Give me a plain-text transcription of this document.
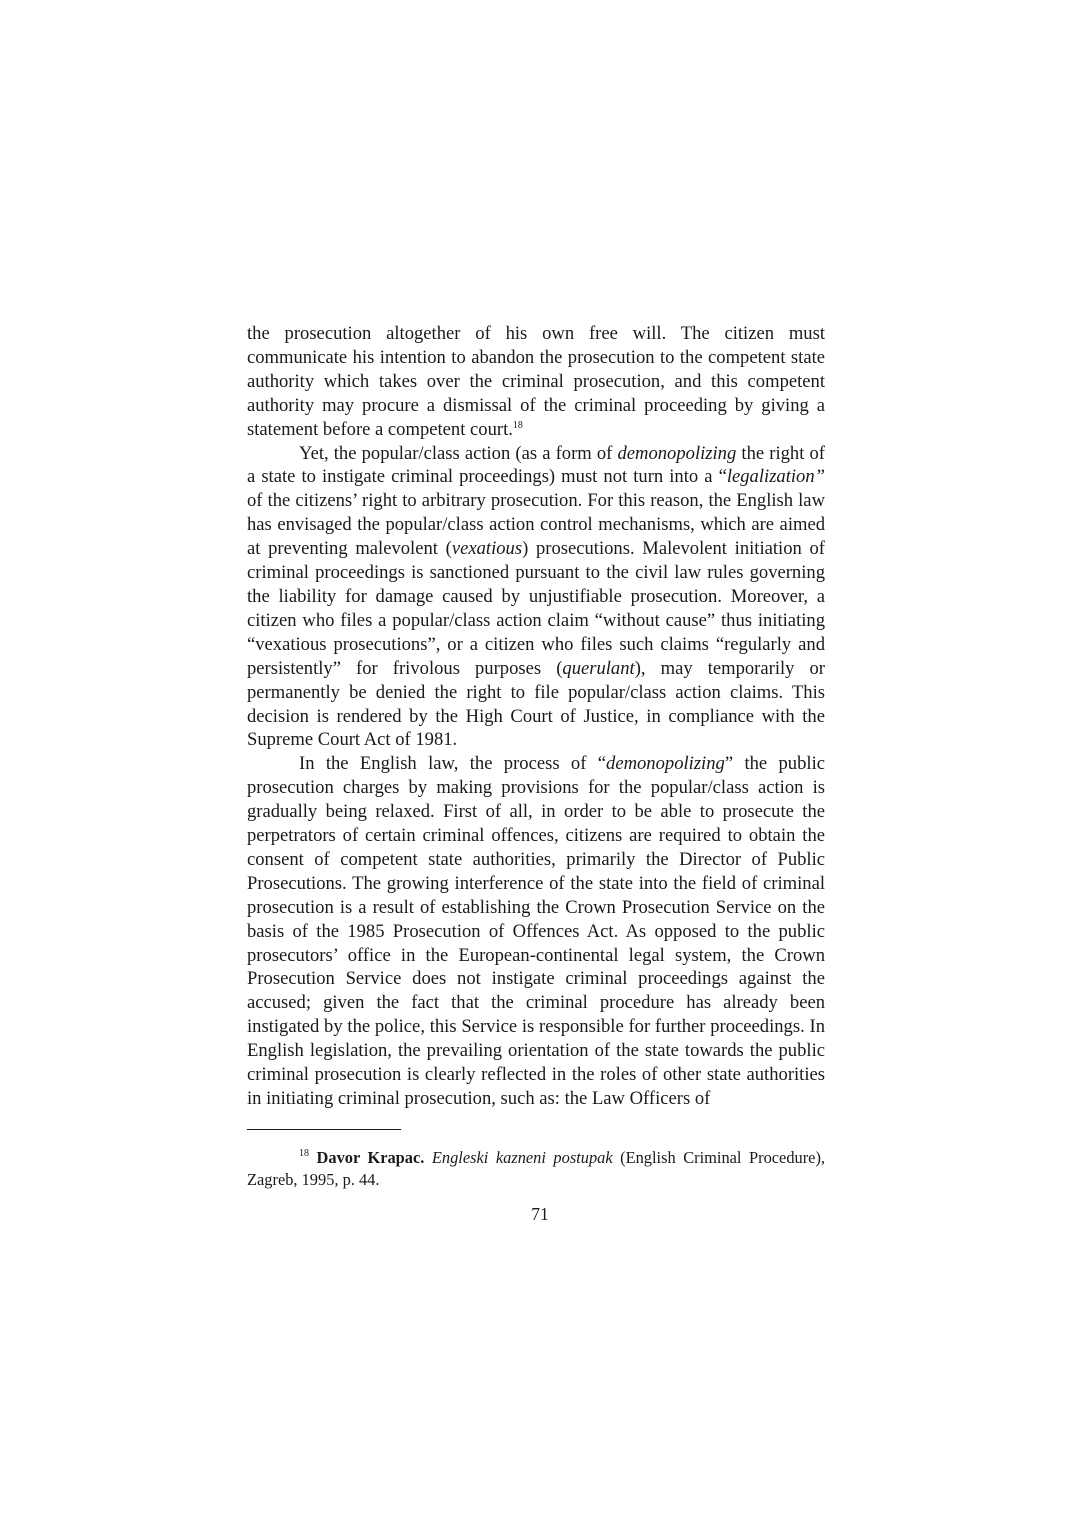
the prosecution altogether of his own free will. The citizen must communicate his intention to abandon the prosecution to the competent state authority which takes over the criminal prosecution, and this competent authority may procure a dismissal of the criminal proceeding by giving a statement before a competent court.$^{18}$

Yet, the popular/class action (as a form of demonopolizing the right of a state to instigate criminal proceedings) must not turn into a “legalization” of the citizens’ right to arbitrary prosecution. For this reason, the English law has envisaged the popular/class action control mechanisms, which are aimed at preventing malevolent (vexatious) prosecutions. Malevolent initiation of criminal proceedings is sanctioned pursuant to the civil law rules governing the liability for damage caused by unjustifiable prosecution. Moreover, a citizen who files a popular/class action claim “without cause” thus initiating “vexatious prosecutions”, or a citizen who files such claims “regularly and persistently” for frivolous purposes (querulant), may temporarily or permanently be denied the right to file popular/class action claims. This decision is rendered by the High Court of Justice, in compliance with the Supreme Court Act of 1981.

In the English law, the process of “demonopolizing” the public prosecution charges by making provisions for the popular/class action is gradually being relaxed. First of all, in order to be able to prosecute the perpetrators of certain criminal offences, citizens are required to obtain the consent of competent state authorities, primarily the Director of Public Prosecutions. The growing interference of the state into the field of criminal prosecution is a result of establishing the Crown Prosecution Service on the basis of the 1985 Prosecution of Offences Act. As opposed to the public prosecutors’ office in the European-continental legal system, the Crown Prosecution Service does not instigate criminal proceedings against the accused; given the fact that the criminal procedure has already been instigated by the police, this Service is responsible for further proceedings. In English legislation, the prevailing orientation of the state towards the public criminal prosecution is clearly reflected in the roles of other state authorities in initiating criminal prosecution, such as: the Law Officers of

$^{18}$ Davor Krapac. Engleski kazneni postupak (English Criminal Procedure), Zagreb, 1995, p. 44.
71
